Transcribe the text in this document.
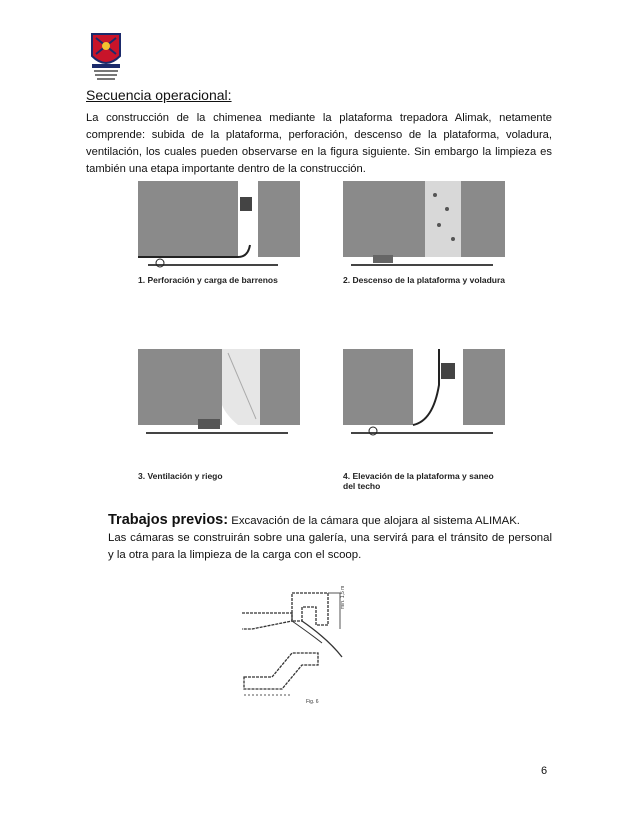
Secuencia operacional:
La construcción de la chimenea mediante la plataforma trepadora Alimak, netamente comprende: subida de la plataforma, perforación, descenso de la plataforma, voladura, ventilación, los cuales pueden observarse en la figura siguiente. Sin embargo la limpieza es también una etapa importante dentro de la construcción.
1. Perforación y carga de barrenos	2. Descenso de la plataforma y voladura
3. Ventilación y riego	4. Elevación de la plataforma y saneo del techo
Trabajos previos: Excavación de la cámara que alojara al sistema ALIMAK.
Las cámaras se construirán sobre una galería, una servirá para el tránsito de personal y la otra para la limpieza de la carga con el scoop.
min. 1,5 m
Fig. 6
6
